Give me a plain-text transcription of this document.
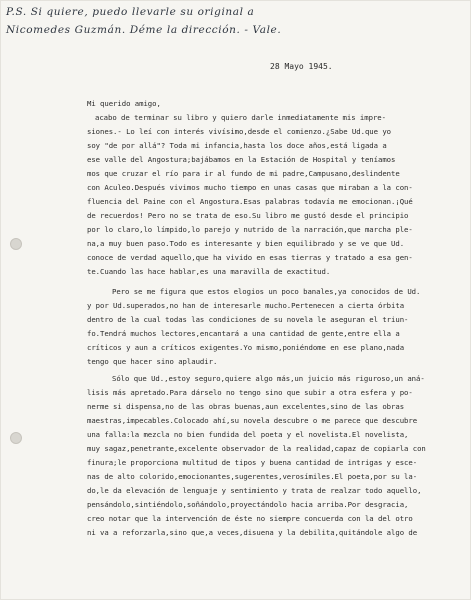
P.S. Si quiere, puedo llevarle su original a
Nicomedes Guzmán. Déme la dirección. - Vale.
28 Mayo 1945.
Mi querido amigo,
acabo de terminar su libro y quiero darle inmediatamente mis impre-
siones.- Lo leí con interés vivísimo,desde el comienzo.¿Sabe Ud.que yo
soy "de por allá"? Toda mi infancia,hasta los doce años,está ligada a
ese valle del Angostura;bajábamos en la Estación de Hospital y teníamos
mos que cruzar el río para ir al fundo de mi padre,Campusano,deslindente
con Aculeo.Después vivimos mucho tiempo en unas casas que miraban a la con-
fluencia del Paine con el Angostura.Esas palabras todavía me emocionan.¡Qué
de recuerdos! Pero no se trata de eso.Su libro me gustó desde el principio
por lo claro,lo límpido,lo parejo y nutrido de la narración,que marcha ple-
na,a muy buen paso.Todo es interesante y bien equilibrado y se ve que Ud.
conoce de verdad aquello,que ha vivido en esas tierras y tratado a esa gen-
te.Cuando las hace hablar,es una maravilla de exactitud.
Pero se me figura que estos elogios un poco banales,ya conocidos de Ud.
y por Ud.superados,no han de interesarle mucho.Pertenecen a cierta órbita
dentro de la cual todas las condiciones de su novela le aseguran el triun-
fo.Tendrá muchos lectores,encantará a una cantidad de gente,entre ella a
críticos y aun a críticos exigentes.Yo mismo,poniéndome en ese plano,nada
tengo que hacer sino aplaudir.
Sólo que Ud.,estoy seguro,quiere algo más,un juicio más riguroso,un aná-
lisis más apretado.Para dárselo no tengo sino que subir a otra esfera y po-
nerme si dispensa,no de las obras buenas,aun excelentes,sino de las obras
maestras,impecables.Colocado ahí,su novela descubre o me parece que descubre
una falla:la mezcla no bien fundida del poeta y el novelista.El novelista,
muy sagaz,penetrante,excelente observador de la realidad,capaz de copiarla con
finura;le proporciona multitud de tipos y buena cantidad de intrigas y esce-
nas de alto colorido,emocionantes,sugerentes,verosímiles.El poeta,por su la-
do,le da elevación de lenguaje y sentimiento y trata de realzar todo aquello,
pensándolo,sintiéndolo,soñándolo,proyectándolo hacia arriba.Por desgracia,
creo notar que la intervención de éste no siempre concuerda con la del otro
ni va a reforzarla,sino que,a veces,disuena y la debilita,quitándole algo de
